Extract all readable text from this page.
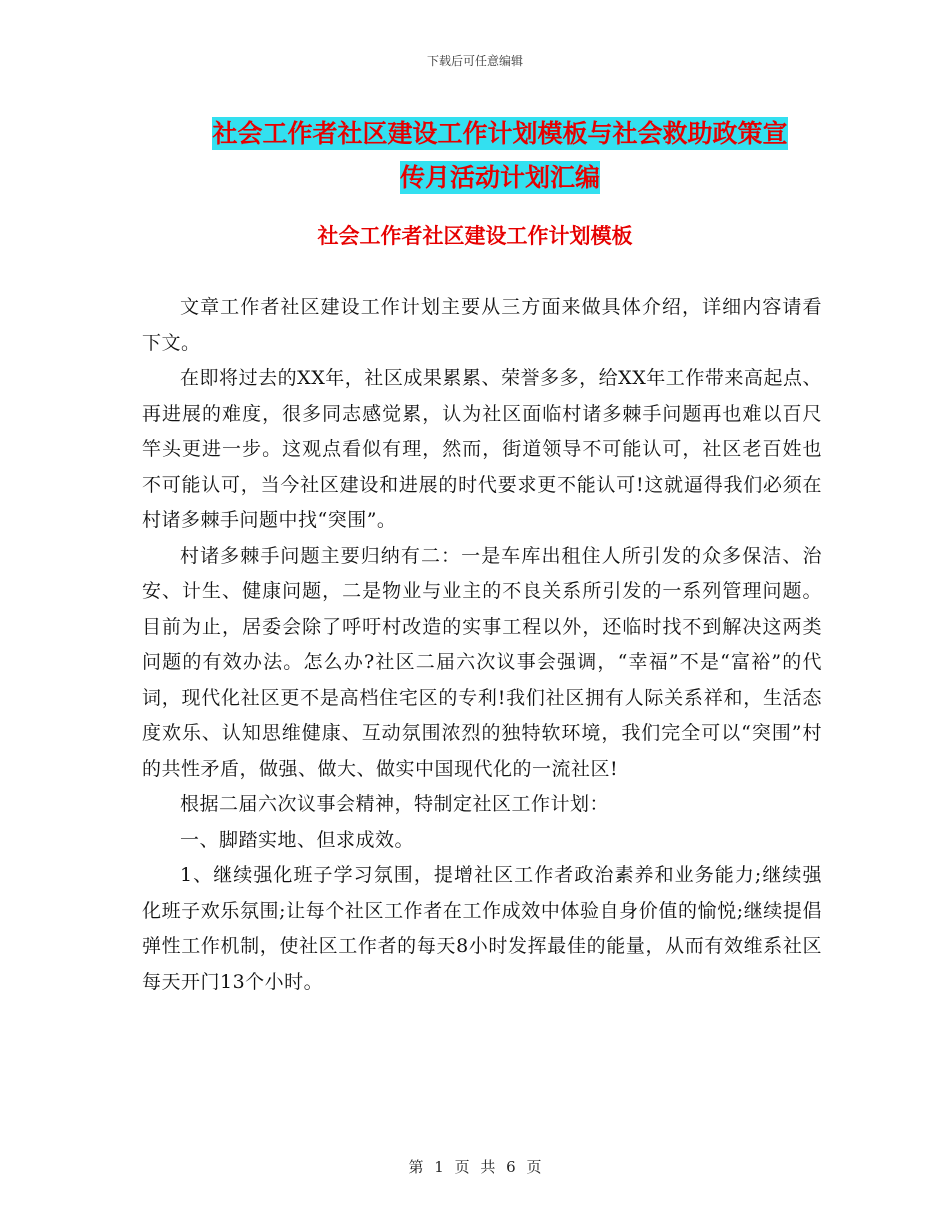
下载后可任意编辑
社会工作者社区建设工作计划模板与社会救助政策宣
传月活动计划汇编
社会工作者社区建设工作计划模板

文章工作者社区建设工作计划主要从三方面来做具体介绍，详细内容请看下文。

在即将过去的XX年，社区成果累累、荣誉多多，给XX年工作带来高起点、再进展的难度，很多同志感觉累，认为社区面临村诸多棘手问题再也难以百尺竿头更进一步。这观点看似有理，然而，街道领导不可能认可，社区老百姓也不可能认可，当今社区建设和进展的时代要求更不能认可!这就逼得我们必须在村诸多棘手问题中找“突围”。

村诸多棘手问题主要归纳有二：一是车库出租住人所引发的众多保洁、治安、计生、健康问题，二是物业与业主的不良关系所引发的一系列管理问题。目前为止，居委会除了呼吁村改造的实事工程以外，还临时找不到解决这两类问题的有效办法。怎么办?社区二届六次议事会强调，“幸福”不是“富裕”的代词，现代化社区更不是高档住宅区的专利!我们社区拥有人际关系祥和，生活态度欢乐、认知思维健康、互动氛围浓烈的独特软环境，我们完全可以“突围”村的共性矛盾，做强、做大、做实中国现代化的一流社区!

根据二届六次议事会精神，特制定社区工作计划：

一、脚踏实地、但求成效。

1、继续强化班子学习氛围，提增社区工作者政治素养和业务能力;继续强化班子欢乐氛围;让每个社区工作者在工作成效中体验自身价值的愉悦;继续提倡弹性工作机制，使社区工作者的每天8小时发挥最佳的能量，从而有效维系社区每天开门13个小时。

第 1 页 共 6 页
